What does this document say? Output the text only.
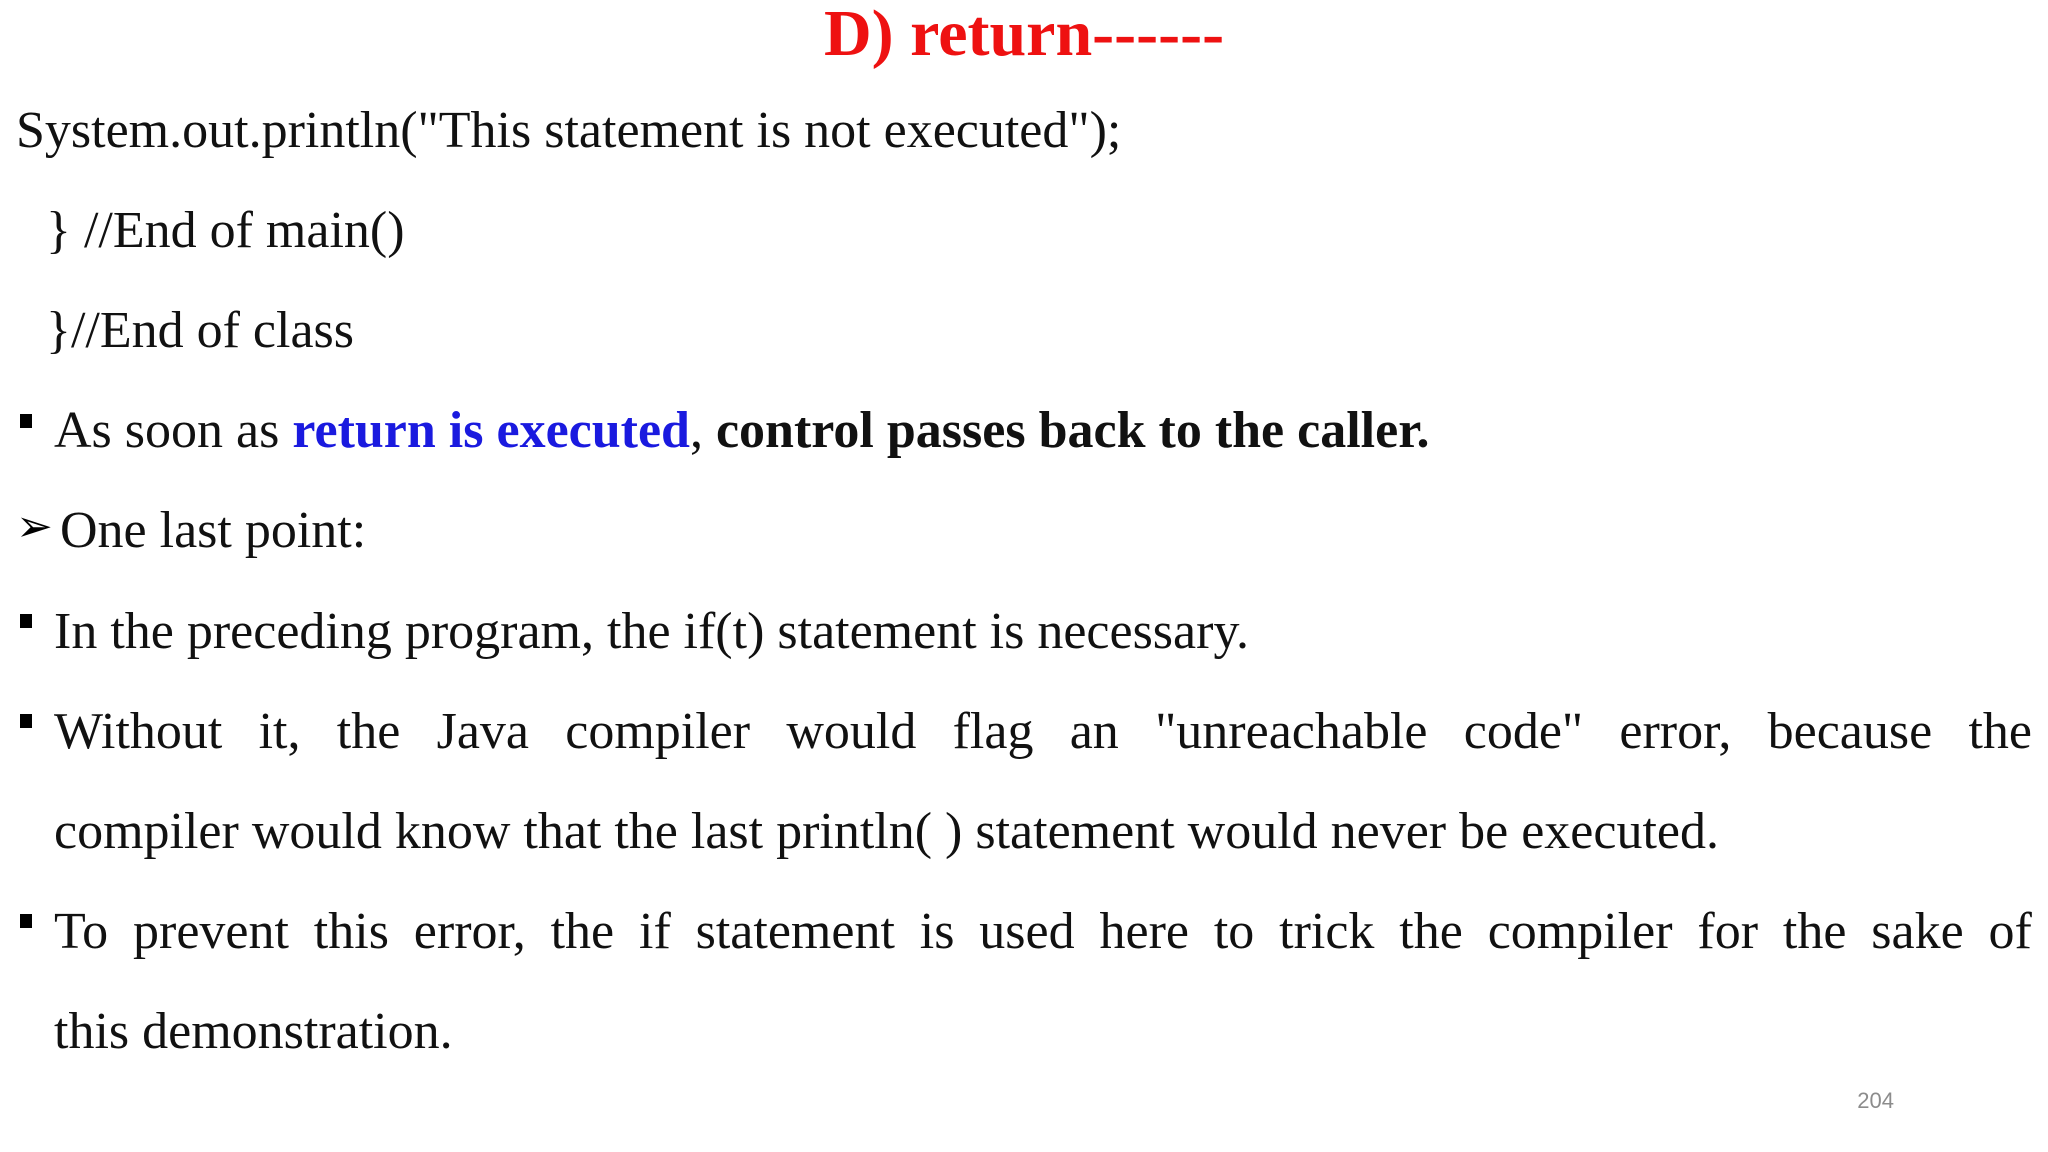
D) return------
System.out.println("This statement is not executed");
} //End of main()
}//End of class
As soon as return is executed, control passes back to the caller.
➢ One last point:
In the preceding program, the if(t) statement is necessary.
Without it, the Java compiler would flag an "unreachable code" error, because the
compiler would know that the last println( ) statement would never be executed.
To prevent this error, the if statement is used here to trick the compiler for the sake of
this demonstration.
204
